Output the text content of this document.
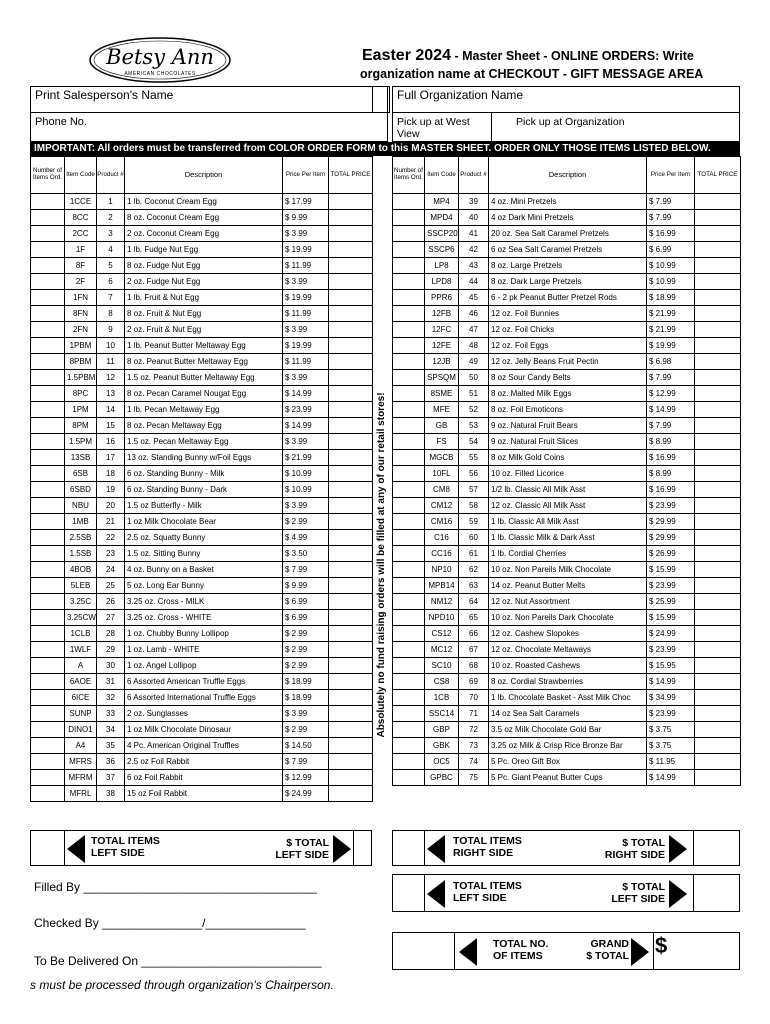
Betsy Ann
AMERICAN CHOCOLATES
Easter 2024 - Master Sheet - ONLINE ORDERS: Write
organization name at CHECKOUT - GIFT MESSAGE AREA
Print Salesperson's Name	Full Organization Name
Phone No.	Pick up at West View
Pick up at Organization
IMPORTANT: All orders must be transferred from COLOR ORDER FORM to this MASTER SHEET. ORDER ONLY THOSE ITEMS LISTED BELOW.
Number of Items Ord.	Item Code	Product #	Description	Price Per Item	TOTAL PRICE
	1CCE	1	1 lb. Coconut Cream Egg	$ 17.99	
	8CC	2	8 oz. Coconut Cream Egg	$ 9.99	
	2CC	3	2 oz. Coconut Cream Egg	$ 3.99	
	1F	4	1 lb. Fudge Nut Egg	$ 19.99	
	8F	5	8 oz. Fudge Nut Egg	$ 11.99	
	2F	6	2 oz. Fudge Nut Egg	$ 3.99	
	1FN	7	1 lb. Fruit & Nut Egg	$ 19.99	
	8FN	8	8 oz. Fruit & Nut Egg	$ 11.99	
	2FN	9	2 oz. Fruit & Nut Egg	$ 3.99	
	1PBM	10	1 lb. Peanut Butter Meltaway Egg	$ 19.99	
	8PBM	11	8 oz. Peanut Butter Meltaway Egg	$ 11.99	
	1.5PBM	12	1.5 oz. Peanut Butter Meltaway Egg	$ 3.99	
	8PC	13	8 oz. Pecan Caramel Nougat Egg	$ 14.99	
	1PM	14	1 lb. Pecan Meltaway Egg	$ 23.99	
	8PM	15	8 oz. Pecan Meltaway Egg	$ 14.99	
	1.5PM	16	1.5 oz. Pecan Meltaway Egg	$ 3.99	
	13SB	17	13 oz. Standing Bunny w/Foil Eggs	$ 21.99	
	6SB	18	6 oz. Standing Bunny - Milk	$ 10.99	
	6SBD	19	6 oz. Standing Bunny - Dark	$ 10.99	
	NBU	20	1.5 oz Butterfly - Milk	$ 3.99	
	1MB	21	1 oz Milk Chocolate Bear	$ 2.99	
	2.5SB	22	2.5 oz. Squatty Bunny	$ 4.99	
	1.5SB	23	1.5 oz. Sitting Bunny	$ 3.50	
	4BOB	24	4 oz. Bunny on a Basket	$ 7.99	
	5LEB	25	5 oz. Long Ear Bunny	$ 9.99	
	3.25C	26	3.25 oz. Cross - MILK	$ 6.99	
	3.25CW	27	3.25 oz. Cross - WHITE	$ 6.99	
	1CLB	28	1 oz. Chubby Bunny Lollipop	$ 2.99	
	1WLF	29	1 oz. Lamb - WHITE	$ 2.99	
	A	30	1 oz. Angel Lollipop	$ 2.99	
	6AOE	31	6 Assorted American Truffle Eggs	$ 18.99	
	6ICE	32	6 Assorted International Truffle Eggs	$ 18.99	
	SUNP	33	2 oz. Sunglasses	$ 3.99	
	DINO1	34	1 oz Milk Chocolate Dinosaur	$ 2.99	
	A4	35	4 Pc. American Original Truffles	$ 14.50	
	MFRS	36	2.5 oz Foil Rabbit	$ 7.99	
	MFRM	37	6 oz Foil Rabbit	$ 12.99	
	MFRL	38	15 oz Foil Rabbit	$ 24.99	
Absolutely no fund raising orders will be filled at any of our retail stores!
Number of Items Ord.	Item Code	Product #	Description	Price Per Item	TOTAL PRICE
	MP4	39	4 oz. Mini Pretzels	$ 7.99	
	MPD4	40	4 oz Dark Mini Pretzels	$ 7.99	
	SSCP20	41	20 oz. Sea Salt Caramel Pretzels	$ 16.99	
	SSCP6	42	6 oz Sea Salt Caramel Pretzels	$ 6.99	
	LP8	43	8 oz. Large Pretzels	$ 10.99	
	LPD8	44	8 oz. Dark Large Pretzels	$ 10.99	
	PPR6	45	6 - 2 pk Peanut Butter Pretzel Rods	$ 18.99	
	12FB	46	12 oz. Foil Bunnies	$ 21.99	
	12FC	47	12 oz. Foil Chicks	$ 21.99	
	12FE	48	12 oz. Foil Eggs	$ 19.99	
	12JB	49	12 oz. Jelly Beans Fruit Pectin	$ 6.98	
	SPSQM	50	8 oz Sour Candy Belts	$ 7.99	
	8SME	51	8 oz. Malted Milk Eggs	$ 12.99	
	MFE	52	8 oz. Foil Emoticons	$ 14.99	
	GB	53	9 oz. Natural Fruit Bears	$ 7.99	
	FS	54	9 oz. Natural Fruit Slices	$ 8.99	
	MGCB	55	8 oz Milk Gold Coins	$ 16.99	
	10FL	56	10 oz. Filled Licorice	$ 8.99	
	CM8	57	1/2 lb. Classic All Milk Asst	$ 16.99	
	CM12	58	12 oz. Classic All Milk Asst	$ 23.99	
	CM16	59	1 lb. Classic All Milk Asst	$ 29.99	
	C16	60	1 lb. Classic Milk & Dark Asst	$ 29.99	
	CC16	61	1 lb. Cordial Cherries	$ 26.99	
	NP10	62	10 oz. Non Pareils Milk Chocolate	$ 15.99	
	MPB14	63	14 oz. Peanut Butter Melts	$ 23.99	
	NM12	64	12 oz. Nut Assortment	$ 25.99	
	NPD10	65	10 oz. Non Pareils Dark Chocolate	$ 15.99	
	CS12	66	12 oz. Cashew Slopokes	$ 24.99	
	MC12	67	12 oz. Chocolate Meltaways	$ 23.99	
	SC10	68	10 oz. Roasted Cashews	$ 15.95	
	CS8	69	8 oz. Cordial Strawberries	$ 14.99	
	1CB	70	1 lb. Chocolate Basket - Asst Milk Choc	$ 34.99	
	SSC14	71	14 oz Sea Salt Caramels	$ 23.99	
	GBP	72	3.5 oz Milk Chocolate Gold Bar	$ 3.75	
	GBK	73	3.25 oz Milk & Crisp Rice Bronze Bar	$ 3.75	
	OC5	74	5 Pc. Oreo Gift Box	$ 11.95	
	GPBC	75	5 Pc. Giant Peanut Butter Cups	$ 14.99	
TOTAL ITEMS
LEFT SIDE
$ TOTAL
LEFT SIDE
TOTAL ITEMS
RIGHT SIDE
$ TOTAL
RIGHT SIDE
TOTAL ITEMS
LEFT SIDE
$ TOTAL
LEFT SIDE
TOTAL NO.
OF ITEMS
GRAND
$ TOTAL $
Filled By ___________________________________
Checked By _______________/_______________
To Be Delivered On ___________________________
s must be processed through organization's Chairperson.
